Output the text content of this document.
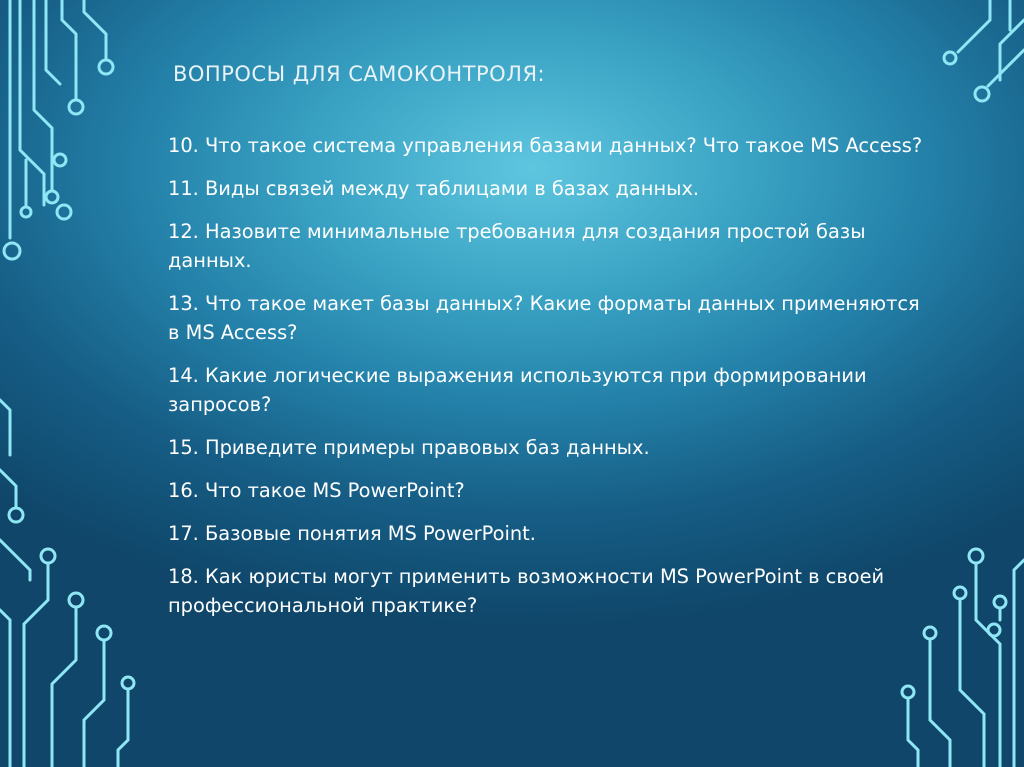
ВОПРОСЫ ДЛЯ САМОКОНТРОЛЯ:
10. Что такое система управления базами данных? Что такое MS Access?
11. Виды связей между таблицами в базах данных.
12. Назовите минимальные требования для создания простой базы данных.
13. Что такое макет базы данных? Какие форматы данных применяются в MS Access?
14. Какие логические выражения используются при формировании запросов?
15. Приведите примеры правовых баз данных.
16. Что такое MS PowerPoint?
17. Базовые понятия MS PowerPoint.
18. Как юристы могут применить возможности MS PowerPoint в своей профессиональной практике?
